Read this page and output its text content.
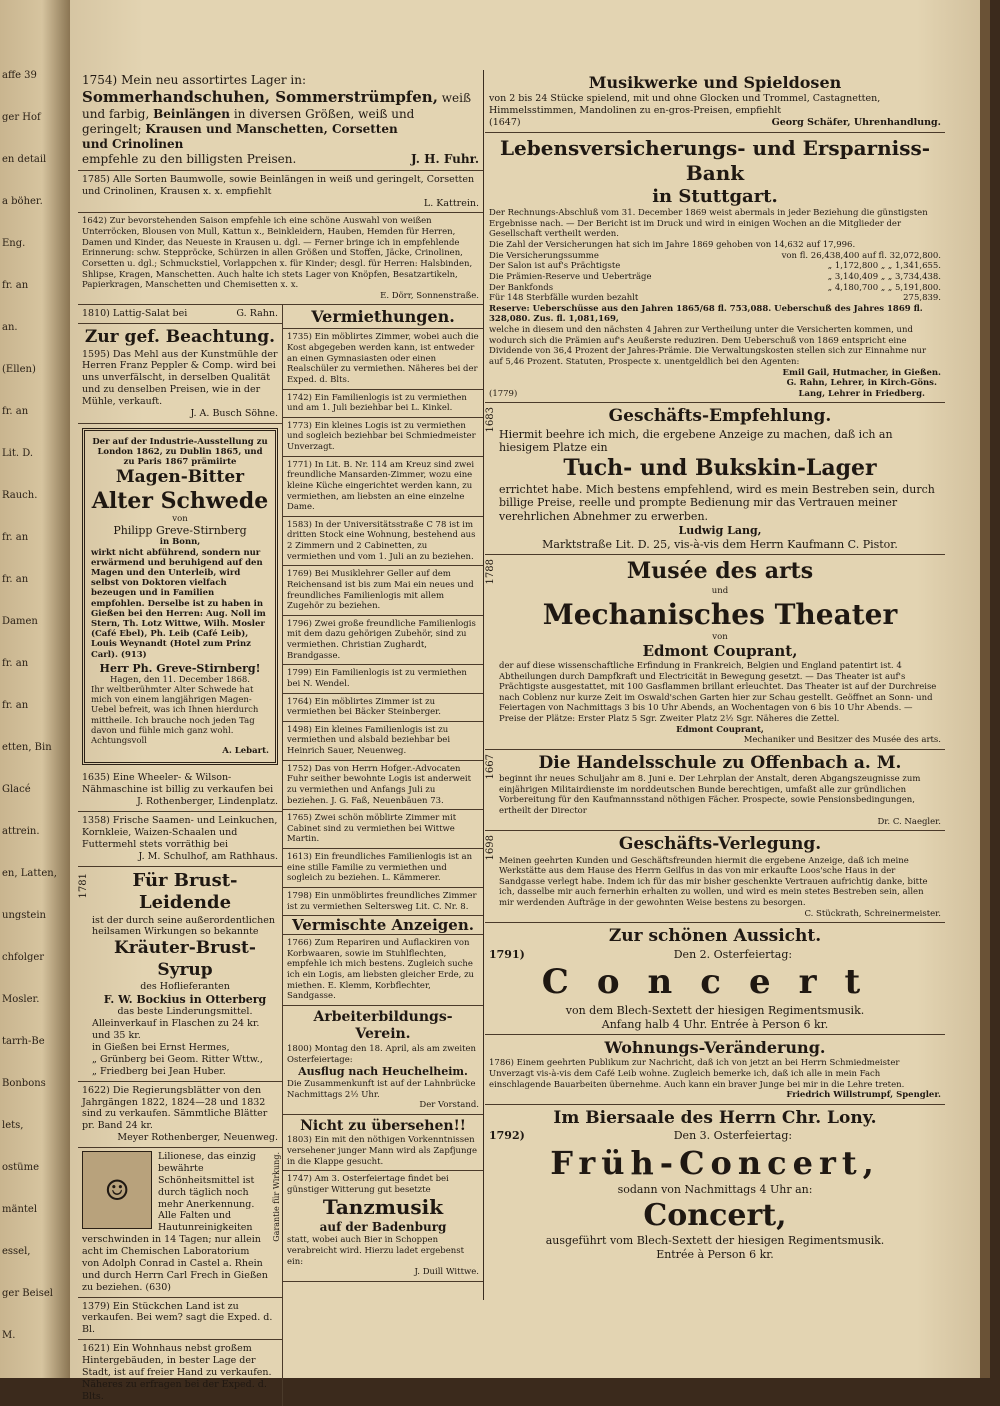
affe 39
ger Hof
en detail
a böher.
Eng.
fr. an
an.
(Ellen)
fr. an
Lit. D.
Rauch.
fr. an
fr. an
Damen
fr. an
fr. an
etten, Bin
Glacé
attrein.
en, Latten,
ungstein
chfolger
Mosler.
tarrh-Be
Bonbons
lets,
ostüme
mäntel
essel,
ger Beisel
M.
1754) Mein neu assortirtes Lager in:
Sommerhandschuhen, Sommerstrümpfen, weiß
und farbig, Beinlängen in diversen Größen, weiß und
geringelt; Krausen und Manschetten, Corsetten
und Crinolinen
empfehle zu den billigsten Preisen.	J. H. Fuhr.
1785) Alle Sorten Baumwolle, sowie Beinlängen in weiß und geringelt, Corsetten und Crinolinen, Krausen x. x. empfiehlt
L. Kattrein.
1642) Zur bevorstehenden Saison empfehle ich eine schöne Auswahl von weißen Unterröcken, Blousen von Mull, Kattun x., Beinkleidern, Hauben, Hemden für Herren, Damen und Kinder, das Neueste in Krausen u. dgl. — Ferner bringe ich in empfehlende Erinnerung: schw. Steppröcke, Schürzen in allen Größen und Stoffen, Jäcke, Crinolinen, Corsetten u. dgl.; Schmuckstiel, Vorlappchen x. für Kinder; desgl. für Herren: Halsbinden, Shlipse, Kragen, Manschetten. Auch halte ich stets Lager von Knöpfen, Besatzartikeln, Papierkragen, Manschetten und Chemisetten x. x.
E. Dörr, Sonnenstraße.
1810) Lattig-Salat bei	G. Rahn.
Zur gef. Beachtung.
1595) Das Mehl aus der Kunstmühle der Herren Franz Peppler & Comp. wird bei uns unverfälscht, in derselben Qualität und zu denselben Preisen, wie in der Mühle, verkauft.
J. A. Busch Söhne.
Der auf der Industrie-Ausstellung zu London 1862, zu Dublin 1865, und zu Paris 1867 prämiirte
Magen-Bitter
Alter Schwede
von
Philipp Greve-Stirnberg
in Bonn,
wirkt nicht abführend, sondern nur erwärmend und beruhigend auf den Magen und den Unterleib, wird selbst von Doktoren vielfach bezeugen und in Familien empfohlen. Derselbe ist zu haben in Gießen bei den Herren: Aug. Noll im Stern, Th. Lotz Wittwe, Wilh. Mosler (Café Ebel), Ph. Leib (Café Leib), Louis Weynandt (Hotel zum Prinz Carl). (913)
Herr Ph. Greve-Stirnberg!
Hagen, den 11. December 1868.
Ihr weltberühmter Alter Schwede hat mich von einem langjährigen Magen-Uebel befreit, was ich Ihnen hierdurch mittheile. Ich brauche noch jeden Tag davon und fühle mich ganz wohl. Achtungsvoll
A. Lebart.
1635) Eine Wheeler- & Wilson-Nähmaschine ist billig zu verkaufen bei
J. Rothenberger, Lindenplatz.
1358) Frische Saamen- und Leinkuchen, Kornkleie, Waizen-Schaalen und Futtermehl stets vorräthig bei
J. M. Schulhof, am Rathhaus.
1781	Für Brust-Leidende
ist der durch seine außerordentlichen heilsamen Wirkungen so bekannte
Kräuter-Brust-Syrup
des Hoflieferanten
F. W. Bockius in Otterberg
das beste Linderungsmittel.
Alleinverkauf in Flaschen zu 24 kr. und 35 kr.
in Gießen bei Ernst Hermes,
„ Grünberg bei Geom. Ritter Wttw.,
„ Friedberg bei Jean Huber.
1622) Die Regierungsblätter von den Jahrgängen 1822, 1824—28 und 1832 sind zu verkaufen. Sämmtliche Blätter pr. Band 24 kr.
Meyer Rothenberger, Neuenweg.
☺
Lilionese, das einzig bewährte Schönheitsmittel ist durch täglich noch mehr Anerkennung. Alle Falten und Hautunreinigkeiten verschwinden in 14 Tagen; nur allein acht im Chemischen Laboratorium von Adolph Conrad in Castel a. Rhein und durch Herrn Carl Frech in Gießen zu beziehen. (630)
Garantie für Wirkung.
1379) Ein Stückchen Land ist zu verkaufen. Bei wem? sagt die Exped. d. Bl.
1621) Ein Wohnhaus nebst großem Hintergebäuden, in bester Lage der Stadt, ist auf freier Hand zu verkaufen. Näheres zu erfragen bei der Exped. d. Blts.
Vermiethungen.
1735) Ein möblirtes Zimmer, wobei auch die Kost abgegeben werden kann, ist entweder an einen Gymnasiasten oder einen Realschüler zu vermiethen. Näheres bei der Exped. d. Blts.
1742) Ein Familienlogis ist zu vermiethen und am 1. Juli beziehbar bei L. Kinkel.
1773) Ein kleines Logis ist zu vermiethen und sogleich beziehbar bei Schmiedmeister Unverzagt.
1771) In Lit. B. Nr. 114 am Kreuz sind zwei freundliche Mansarden-Zimmer, wozu eine kleine Küche eingerichtet werden kann, zu vermiethen, am liebsten an eine einzelne Dame.
1583) In der Universitätsstraße C 78 ist im dritten Stock eine Wohnung, bestehend aus 2 Zimmern und 2 Cabinetten, zu vermiethen und vom 1. Juli an zu beziehen.
1769) Bei Musiklehrer Geller auf dem Reichensand ist bis zum Mai ein neues und freundliches Familienlogis mit allem Zugehör zu beziehen.
1796) Zwei große freundliche Familienlogis mit dem dazu gehörigen Zubehör, sind zu vermiethen. Christian Zughardt, Brandgasse.
1799) Ein Familienlogis ist zu vermiethen bei N. Wendel.
1764) Ein möblirtes Zimmer ist zu vermiethen bei Bäcker Steinberger.
1498) Ein kleines Familienlogis ist zu vermiethen und alsbald beziehbar bei Heinrich Sauer, Neuenweg.
1752) Das von Herrn Hofger.-Advocaten Fuhr seither bewohnte Logis ist anderweit zu vermiethen und Anfangs Juli zu beziehen. J. G. Faß, Neuenbäuen 73.
1765) Zwei schön möblirte Zimmer mit Cabinet sind zu vermiethen bei Wittwe Martin.
1613) Ein freundliches Familienlogis ist an eine stille Familie zu vermiethen und sogleich zu beziehen. L. Kämmerer.
1798) Ein unmöblirtes freundliches Zimmer ist zu vermiethen Seltersweg Lit. C. Nr. 8.
Vermischte Anzeigen.
1766) Zum Repariren und Auflackiren von Korbwaaren, sowie im Stuhlflechten, empfehle ich mich bestens. Zugleich suche ich ein Logis, am liebsten gleicher Erde, zu miethen. E. Klemm, Korbflechter, Sandgasse.
Arbeiterbildungs-Verein.
1800) Montag den 18. April, als am zweiten Osterfeiertage:
Ausflug nach Heuchelheim.
Die Zusammenkunft ist auf der Lahnbrücke Nachmittags 2½ Uhr.
Der Vorstand.
Nicht zu übersehen!!
1803) Ein mit den nöthigen Vorkenntnissen versehener junger Mann wird als Zapfjunge in die Klappe gesucht.
1747) Am 3. Osterfeiertage findet bei günstiger Witterung gut besetzte
Tanzmusik
auf der Badenburg
statt, wobei auch Bier in Schoppen verabreicht wird. Hierzu ladet ergebenst ein:
J. Duill Wittwe.
Musikwerke und Spieldosen
von 2 bis 24 Stücke spielend, mit und ohne Glocken und Trommel, Castagnetten, Himmelsstimmen, Mandolinen zu en-gros-Preisen, empfiehlt
(1647)	Georg Schäfer, Uhrenhandlung.
Lebensversicherungs- und Ersparniss-Bank
in Stuttgart.
Der Rechnungs-Abschluß vom 31. December 1869 weist abermals in jeder Beziehung die günstigsten Ergebnisse nach. — Der Bericht ist im Druck und wird in einigen Wochen an die Mitglieder der Gesellschaft vertheilt werden.
Die Zahl der Versicherungen hat sich im Jahre 1869 gehoben von 14,632 auf 17,996.
Die Versicherungssumme	von fl. 26,438,400 auf fl. 32,072,800.
Der Salon ist auf's Prächtigste	„ 1,172,800 „ „ 1,341,655.
Die Prämien-Reserve und Ueberträge	„ 3,140,409 „ „ 3,734,438.
Der Bankfonds	„ 4,180,700 „ „ 5,191,800.
Für 148 Sterbfälle wurden bezahlt	275,839.
Reserve: Ueberschüsse aus den Jahren 1865/68 fl. 753,088. Ueberschuß des Jahres 1869 fl. 328,080. Zus. fl. 1,081,169,
welche in diesem und den nächsten 4 Jahren zur Vertheilung unter die Versicherten kommen, und wodurch sich die Prämien auf's Aeußerste reduziren. Dem Ueberschuß von 1869 entspricht eine Dividende von 36,4 Prozent der Jahres-Prämie. Die Verwaltungskosten stellen sich zur Einnahme nur auf 5,46 Prozent. Statuten, Prospecte x. unentgeldlich bei den Agenten:
(1779)
Emil Gail, Hutmacher, in Gießen.
G. Rahn, Lehrer, in Kirch-Göns.
Lang, Lehrer in Friedberg.
1683	Geschäfts-Empfehlung.
Hiermit beehre ich mich, die ergebene Anzeige zu machen, daß ich an hiesigem Platze ein
Tuch- und Bukskin-Lager
errichtet habe. Mich bestens empfehlend, wird es mein Bestreben sein, durch billige Preise, reelle und prompte Bedienung mir das Vertrauen meiner verehrlichen Abnehmer zu erwerben.
Ludwig Lang,
Marktstraße Lit. D. 25, vis-à-vis dem Herrn Kaufmann C. Pistor.
1788	Musée des arts
und
Mechanisches Theater
von
Edmont Couprant,
der auf diese wissenschaftliche Erfindung in Frankreich, Belgien und England patentirt ist. 4 Abtheilungen durch Dampfkraft und Electricität in Bewegung gesetzt. — Das Theater ist auf's Prächtigste ausgestattet, mit 100 Gasflammen brillant erleuchtet. Das Theater ist auf der Durchreise nach Coblenz nur kurze Zeit im Oswald'schen Garten hier zur Schau gestellt. Geöffnet an Sonn- und Feiertagen von Nachmittags 3 bis 10 Uhr Abends, an Wochentagen von 6 bis 10 Uhr Abends. — Preise der Plätze: Erster Platz 5 Sgr. Zweiter Platz 2½ Sgr. Näheres die Zettel.
Edmont Couprant,
Mechaniker und Besitzer des Musée des arts.
1667	Die Handelsschule zu Offenbach a. M.
beginnt ihr neues Schuljahr am 8. Juni e. Der Lehrplan der Anstalt, deren Abgangszeugnisse zum einjährigen Militairdienste im norddeutschen Bunde berechtigen, umfaßt alle zur gründlichen Vorbereitung für den Kaufmannsstand nöthigen Fächer. Prospecte, sowie Pensionsbedingungen, ertheilt der Director
Dr. C. Naegler.
1698	Geschäfts-Verlegung.
Meinen geehrten Kunden und Geschäftsfreunden hiermit die ergebene Anzeige, daß ich meine Werkstätte aus dem Hause des Herrn Geilfus in das von mir erkaufte Loos'sche Haus in der Sandgasse verlegt habe. Indem ich für das mir bisher geschenkte Vertrauen aufrichtig danke, bitte ich, dasselbe mir auch fernerhin erhalten zu wollen, und wird es mein stetes Bestreben sein, allen mir werdenden Aufträge in der gewohnten Weise bestens zu besorgen.
C. Stückrath, Schreinermeister.
Zur schönen Aussicht.
1791)	Den 2. Osterfeiertag:
Concert
von dem Blech-Sextett der hiesigen Regimentsmusik.
Anfang halb 4 Uhr. Entrée à Person 6 kr.
Wohnungs-Veränderung.
1786) Einem geehrten Publikum zur Nachricht, daß ich von jetzt an bei Herrn Schmiedmeister Unverzagt vis-à-vis dem Café Leib wohne. Zugleich bemerke ich, daß ich alle in mein Fach einschlagende Bauarbeiten übernehme. Auch kann ein braver Junge bei mir in die Lehre treten.
Friedrich Willstrumpf, Spengler.
Im Biersaale des Herrn Chr. Lony.
1792)	Den 3. Osterfeiertag:
Früh-Concert,
sodann von Nachmittags 4 Uhr an:
Concert,
ausgeführt vom Blech-Sextett der hiesigen Regimentsmusik.
Entrée à Person 6 kr.
